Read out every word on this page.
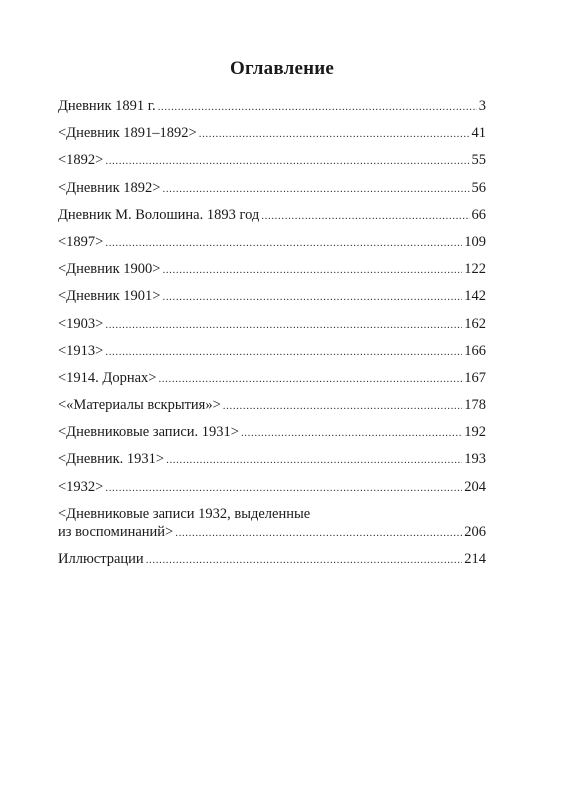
Оглавление
Дневник 1891 г. .....	3
<Дневник 1891–1892> .....	41
<1892> .....	55
<Дневник 1892> .....	56
Дневник М. Волошина. 1893 год .....	66
<1897> .....	109
<Дневник 1900> .....	122
<Дневник 1901> .....	142
<1903> .....	162
<1913> .....	166
<1914. Дорнах> .....	167
<«Материалы вскрытия»> .....	178
<Дневниковые записи. 1931> .....	192
<Дневник. 1931> .....	193
<1932> .....	204
<Дневниковые записи 1932, выделенные
из воспоминаний> .....	206
Иллюстрации .....	214
